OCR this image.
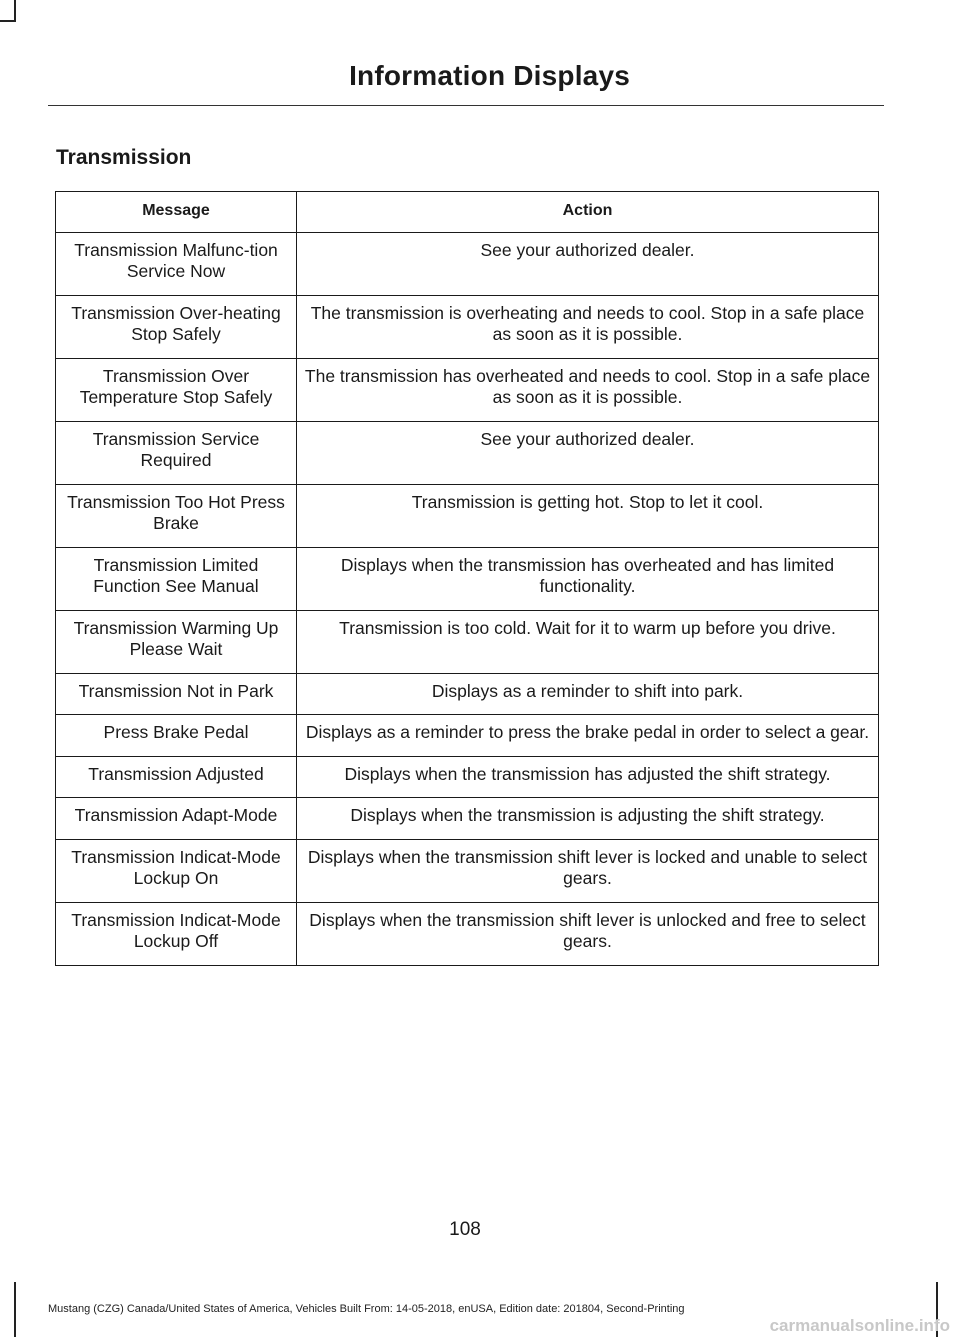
Information Displays
Transmission
Message	Action
Transmission Malfunc-tion Service Now	See your authorized dealer.
Transmission Over-heating Stop Safely	The transmission is overheating and needs to cool. Stop in a safe place as soon as it is possible.
Transmission Over Temperature Stop Safely	The transmission has overheated and needs to cool. Stop in a safe place as soon as it is possible.
Transmission Service Required	See your authorized dealer.
Transmission Too Hot Press Brake	Transmission is getting hot. Stop to let it cool.
Transmission Limited Function See Manual	Displays when the transmission has overheated and has limited functionality.
Transmission Warming Up Please Wait	Transmission is too cold. Wait for it to warm up before you drive.
Transmission Not in Park	Displays as a reminder to shift into park.
Press Brake Pedal	Displays as a reminder to press the brake pedal in order to select a gear.
Transmission Adjusted	Displays when the transmission has adjusted the shift strategy.
Transmission Adapt-Mode	Displays when the transmission is adjusting the shift strategy.
Transmission Indicat-Mode Lockup On	Displays when the transmission shift lever is locked and unable to select gears.
Transmission Indicat-Mode Lockup Off	Displays when the transmission shift lever is unlocked and free to select gears.
108
Mustang (CZG) Canada/United States of America, Vehicles Built From: 14-05-2018, enUSA, Edition date: 201804, Second-Printing
carmanualsonline.info
